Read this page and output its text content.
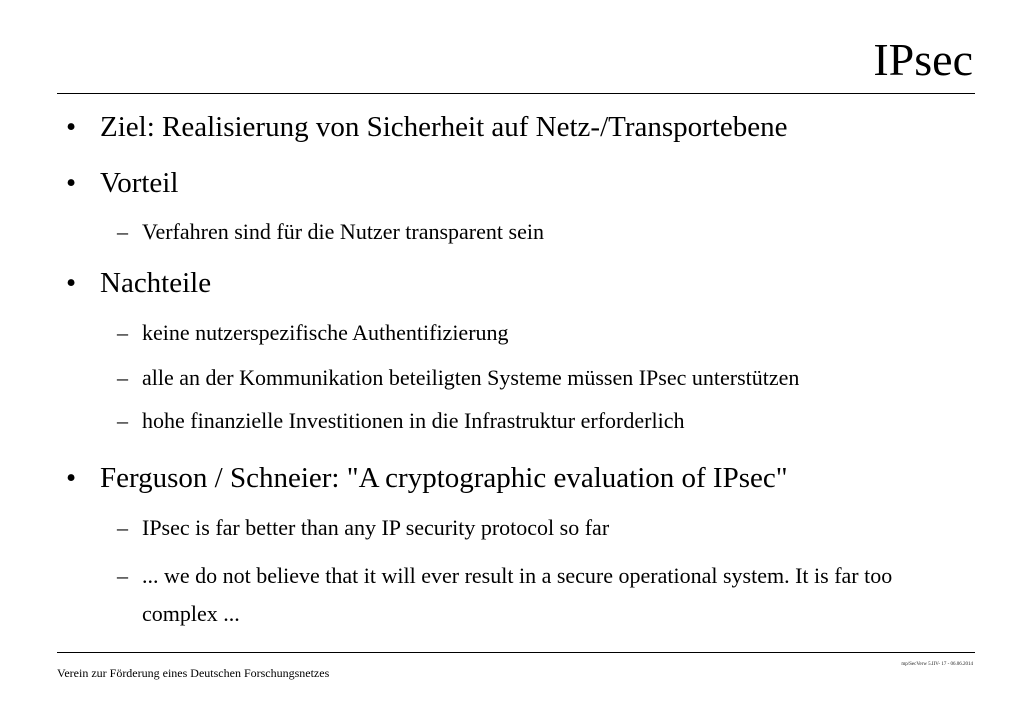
IPsec
• Ziel: Realisierung von Sicherheit auf Netz-/Transportebene
• Vorteil
– Verfahren sind für die Nutzer transparent sein
• Nachteile
– keine nutzerspezifische Authentifizierung
– alle an der Kommunikation beteiligten Systeme müssen IPsec unterstützen
– hohe finanzielle Investitionen in die Infrastruktur erforderlich
• Ferguson / Schneier: "A cryptographic evaluation of IPsec"
– IPsec is far better than any IP security protocol so far
– ... we do not believe that it will ever result in a secure operational system. It is far too complex ...
Verein zur Förderung eines Deutschen Forschungsnetzes
mp/SecVerw 5.IIV- 17 - 06.06.2014
